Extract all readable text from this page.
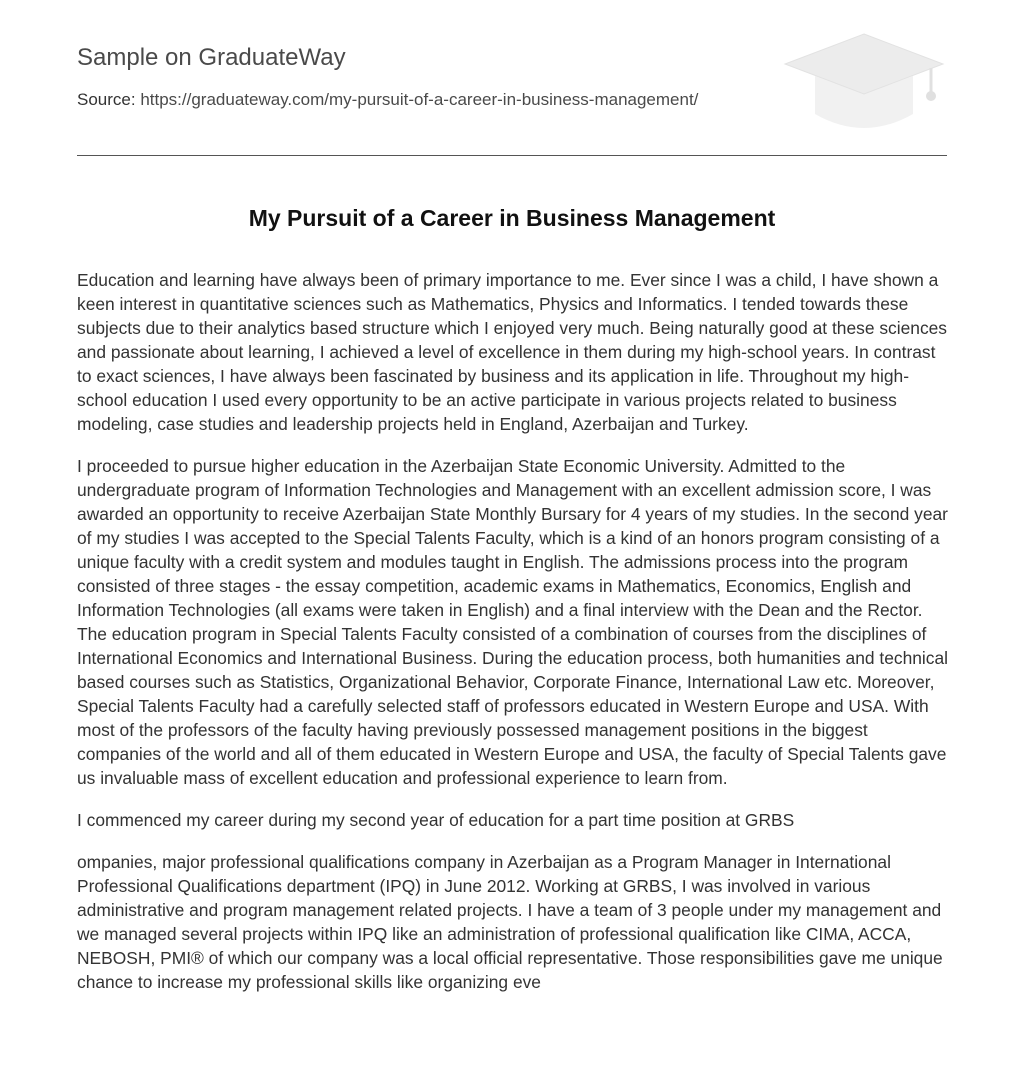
Sample on GraduateWay
Source: https://graduateway.com/my-pursuit-of-a-career-in-business-management/
My Pursuit of a Career in Business Management

Education and learning have always been of primary importance to me. Ever since I was a child, I have shown a keen interest in quantitative sciences such as Mathematics, Physics and Informatics. I tended towards these subjects due to their analytics based structure which I enjoyed very much. Being naturally good at these sciences and passionate about learning, I achieved a level of excellence in them during my high-school years. In contrast to exact sciences, I have always been fascinated by business and its application in life. Throughout my high-school education I used every opportunity to be an active participate in various projects related to business modeling, case studies and leadership projects held in England, Azerbaijan and Turkey.

I proceeded to pursue higher education in the Azerbaijan State Economic University. Admitted to the undergraduate program of Information Technologies and Management with an excellent admission score, I was awarded an opportunity to receive Azerbaijan State Monthly Bursary for 4 years of my studies. In the second year of my studies I was accepted to the Special Talents Faculty, which is a kind of an honors program consisting of a unique faculty with a credit system and modules taught in English. The admissions process into the program consisted of three stages - the essay competition, academic exams in Mathematics, Economics, English and Information Technologies (all exams were taken in English) and a final interview with the Dean and the Rector. The education program in Special Talents Faculty consisted of a combination of courses from the disciplines of International Economics and International Business. During the education process, both humanities and technical based courses such as Statistics, Organizational Behavior, Corporate Finance, International Law etc. Moreover, Special Talents Faculty had a carefully selected staff of professors educated in Western Europe and USA. With most of the professors of the faculty having previously possessed management positions in the biggest companies of the world and all of them educated in Western Europe and USA, the faculty of Special Talents gave us invaluable mass of excellent education and professional experience to learn from.

I commenced my career during my second year of education for a part time position at GRBS

ompanies, major professional qualifications company in Azerbaijan as a Program Manager in International Professional Qualifications department (IPQ) in June 2012. Working at GRBS, I was involved in various administrative and program management related projects. I have a team of 3 people under my management and we managed several projects within IPQ like an administration of professional qualification like CIMA, ACCA, NEBOSH, PMI® of which our company was a local official representative. Those responsibilities gave me unique chance to increase my professional skills like organizing eve
